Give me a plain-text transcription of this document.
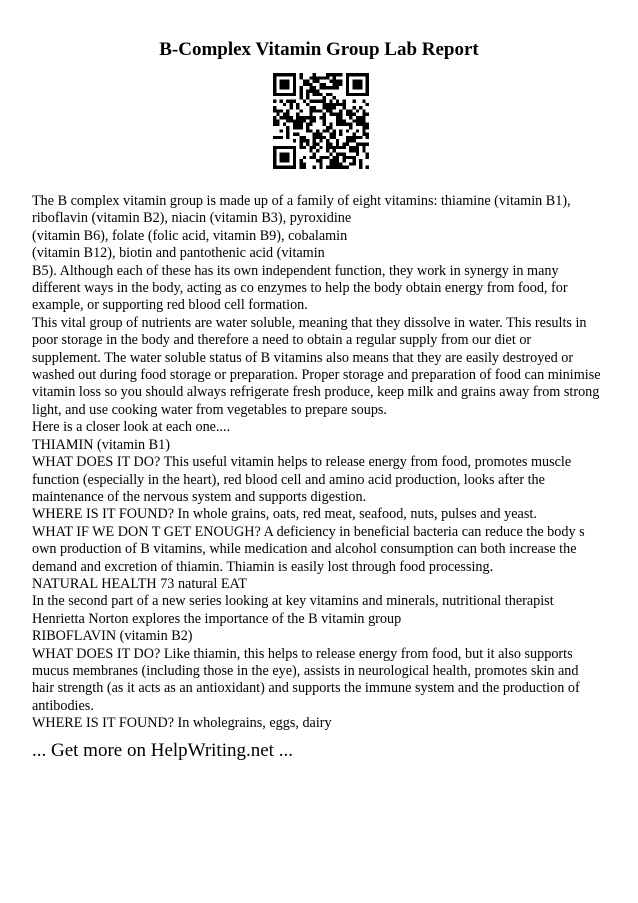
B-Complex Vitamin Group Lab Report

The B complex vitamin group is made up of a family of eight vitamins: thiamine (vitamin B1),

riboflavin (vitamin B2), niacin (vitamin B3), pyroxidine

(vitamin B6), folate (folic acid, vitamin B9), cobalamin

(vitamin B12), biotin and pantothenic acid (vitamin

B5). Although each of these has its own independent function, they work in synergy in many

different ways in the body, acting as co enzymes to help the body obtain energy from food, for

example, or supporting red blood cell formation.

This vital group of nutrients are water soluble, meaning that they dissolve in water. This results in

poor storage in the body and therefore a need to obtain a regular supply from our diet or

supplement. The water soluble status of B vitamins also means that they are easily destroyed or

washed out during food storage or preparation. Proper storage and preparation of food can minimise

vitamin loss so you should always refrigerate fresh produce, keep milk and grains away from strong

light, and use cooking water from vegetables to prepare soups.

Here is a closer look at each one....

THIAMIN (vitamin B1)

WHAT DOES IT DO? This useful vitamin helps to release energy from food, promotes muscle

function (especially in the heart), red blood cell and amino acid production, looks after the

maintenance of the nervous system and supports digestion.

WHERE IS IT FOUND? In whole grains, oats, red meat, seafood, nuts, pulses and yeast.

WHAT IF WE DON T GET ENOUGH? A deficiency in beneficial bacteria can reduce the body s

own production of B vitamins, while medication and alcohol consumption can both increase the

demand and excretion of thiamin. Thiamin is easily lost through food processing.

NATURAL HEALTH 73 natural EAT

In the second part of a new series looking at key vitamins and minerals, nutritional therapist

Henrietta Norton explores the importance of the B vitamin group

RIBOFLAVIN (vitamin B2)

WHAT DOES IT DO? Like thiamin, this helps to release energy from food, but it also supports

mucus membranes (including those in the eye), assists in neurological health, promotes skin and

hair strength (as it acts as an antioxidant) and supports the immune system and the production of

antibodies.

WHERE IS IT FOUND? In wholegrains, eggs, dairy

... Get more on HelpWriting.net ...
